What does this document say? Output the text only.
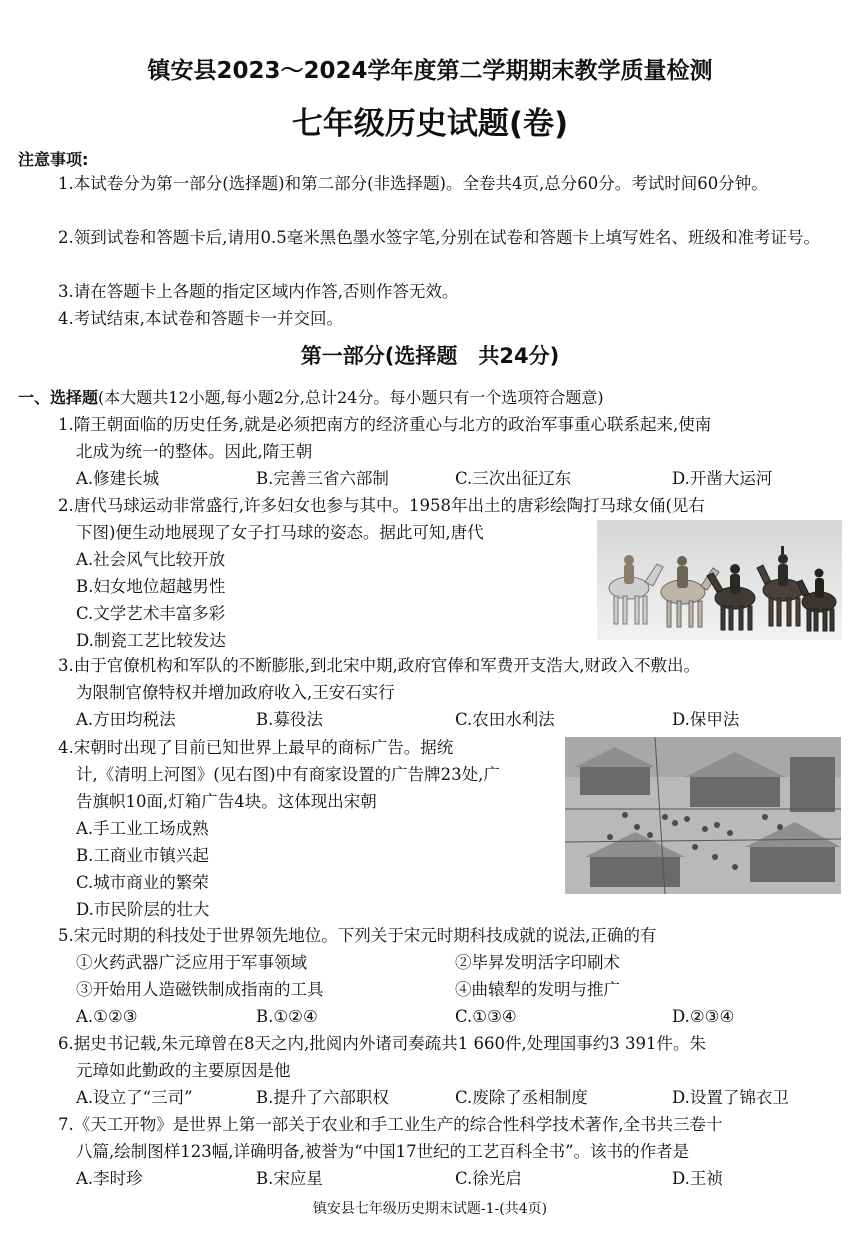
镇安县2023～2024学年度第二学期期末教学质量检测
七年级历史试题(卷)
注意事项:
1.本试卷分为第一部分(选择题)和第二部分(非选择题)。全卷共4页,总分60分。考试时间60分钟。
2.领到试卷和答题卡后,请用0.5毫米黑色墨水签字笔,分别在试卷和答题卡上填写姓名、班级和准考证号。
3.请在答题卡上各题的指定区域内作答,否则作答无效。
4.考试结束,本试卷和答题卡一并交回。
第一部分(选择题　共24分)
一、选择题(本大题共12小题,每小题2分,总计24分。每小题只有一个选项符合题意)
1.隋王朝面临的历史任务,就是必须把南方的经济重心与北方的政治军事重心联系起来,使南
北成为统一的整体。因此,隋王朝
A.修建长城	B.完善三省六部制	C.三次出征辽东	D.开凿大运河
2.唐代马球运动非常盛行,许多妇女也参与其中。1958年出土的唐彩绘陶打马球女俑(见右
下图)便生动地展现了女子打马球的姿态。据此可知,唐代
A.社会风气比较开放
B.妇女地位超越男性
C.文学艺术丰富多彩
D.制瓷工艺比较发达
3.由于官僚机构和军队的不断膨胀,到北宋中期,政府官俸和军费开支浩大,财政入不敷出。
为限制官僚特权并增加政府收入,王安石实行
A.方田均税法	B.募役法	C.农田水利法	D.保甲法
4.宋朝时出现了目前已知世界上最早的商标广告。据统
计,《清明上河图》(见右图)中有商家设置的广告牌23处,广
告旗帜10面,灯箱广告4块。这体现出宋朝
A.手工业工场成熟
B.工商业市镇兴起
C.城市商业的繁荣
D.市民阶层的壮大
5.宋元时期的科技处于世界领先地位。下列关于宋元时期科技成就的说法,正确的有
①火药武器广泛应用于军事领域	②毕昇发明活字印刷术
③开始用人造磁铁制成指南的工具	④曲辕犁的发明与推广
A.①②③	B.①②④	C.①③④	D.②③④
6.据史书记载,朱元璋曾在8天之内,批阅内外诸司奏疏共1 660件,处理国事约3 391件。朱
元璋如此勤政的主要原因是他
A.设立了“三司”	B.提升了六部职权	C.废除了丞相制度	D.设置了锦衣卫
7.《天工开物》是世界上第一部关于农业和手工业生产的综合性科学技术著作,全书共三卷十
八篇,绘制图样123幅,详确明备,被誉为“中国17世纪的工艺百科全书”。该书的作者是
A.李时珍	B.宋应星	C.徐光启	D.王祯
镇安县七年级历史期末试题-1-(共4页)
